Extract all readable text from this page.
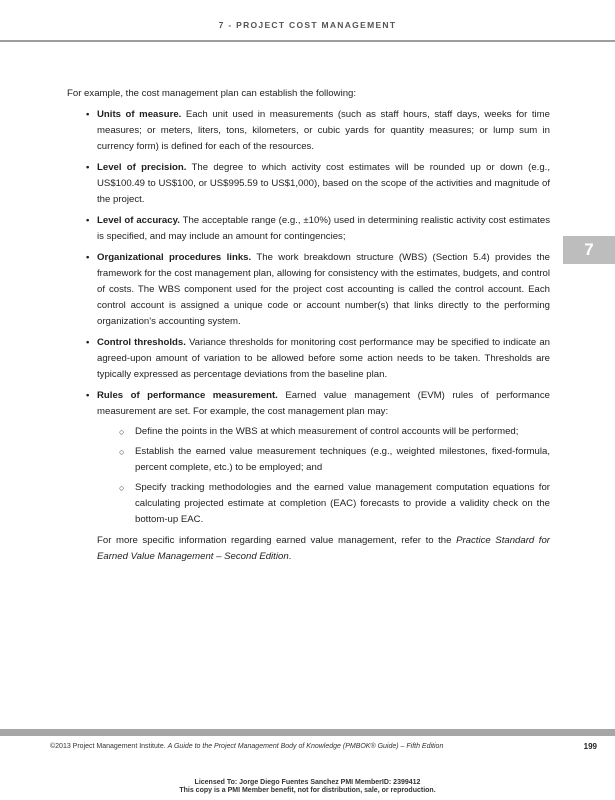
7 - PROJECT COST MANAGEMENT
7

For example, the cost management plan can establish the following:

• Units of measure. Each unit used in measurements (such as staff hours, staff days, weeks for time measures; or meters, liters, tons, kilometers, or cubic yards for quantity measures; or lump sum in currency form) is defined for each of the resources.
• Level of precision. The degree to which activity cost estimates will be rounded up or down (e.g., US$100.49 to US$100, or US$995.59 to US$1,000), based on the scope of the activities and magnitude of the project.
• Level of accuracy. The acceptable range (e.g., ±10%) used in determining realistic activity cost estimates is specified, and may include an amount for contingencies;
• Organizational procedures links. The work breakdown structure (WBS) (Section 5.4) provides the framework for the cost management plan, allowing for consistency with the estimates, budgets, and control of costs. The WBS component used for the project cost accounting is called the control account. Each control account is assigned a unique code or account number(s) that links directly to the performing organization's accounting system.
• Control thresholds. Variance thresholds for monitoring cost performance may be specified to indicate an agreed-upon amount of variation to be allowed before some action needs to be taken. Thresholds are typically expressed as percentage deviations from the baseline plan.
• Rules of performance measurement. Earned value management (EVM) rules of performance measurement are set. For example, the cost management plan may:
○ Define the points in the WBS at which measurement of control accounts will be performed;
○ Establish the earned value measurement techniques (e.g., weighted milestones, fixed-formula, percent complete, etc.) to be employed; and
○ Specify tracking methodologies and the earned value management computation equations for calculating projected estimate at completion (EAC) forecasts to provide a validity check on the bottom-up EAC.

For more specific information regarding earned value management, refer to the Practice Standard for Earned Value Management – Second Edition.

©2013 Project Management Institute. A Guide to the Project Management Body of Knowledge (PMBOK® Guide) – Fifth Edition	199
Licensed To: Jorge Diego Fuentes Sanchez PMI MemberID: 2399412
This copy is a PMI Member benefit, not for distribution, sale, or reproduction.
